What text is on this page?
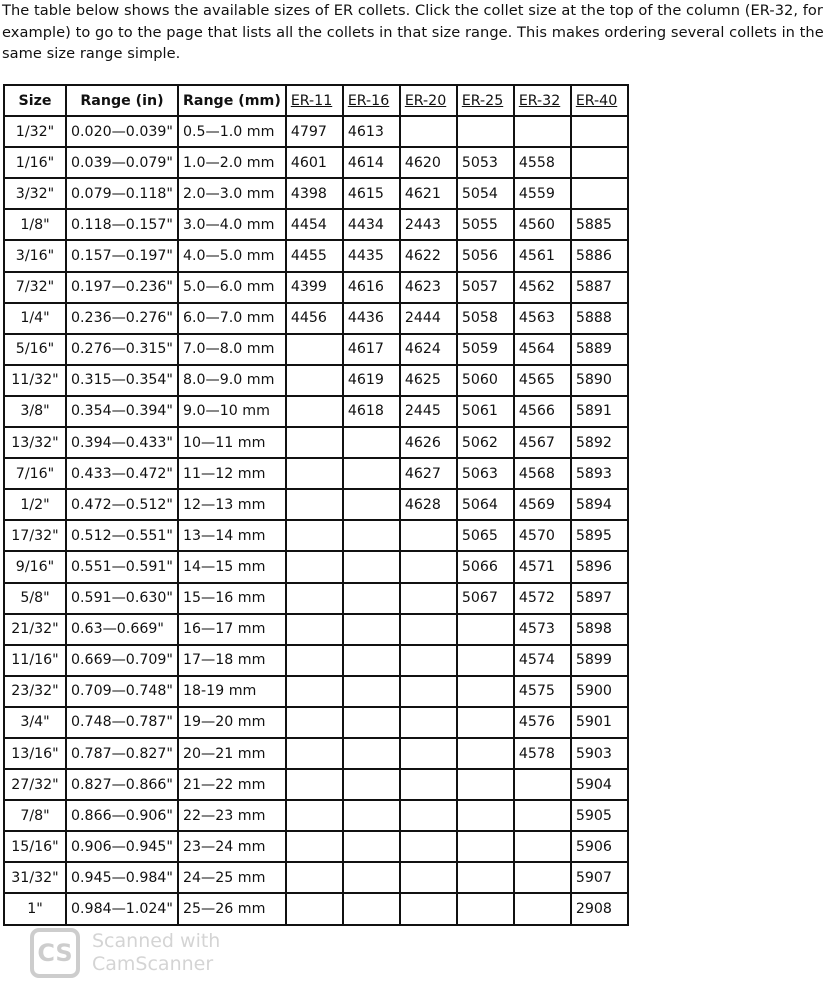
The table below shows the available sizes of ER collets. Click the collet size at the top of the column (ER-32, for example) to go to the page that lists all the collets in that size range. This makes ordering several collets in the same size range simple.

Size	Range (in)	Range (mm)	ER-11	ER-16	ER-20	ER-25	ER-32	ER-40
1/32"	0.020—0.039"	0.5—1.0 mm	4797	4613				
1/16"	0.039—0.079"	1.0—2.0 mm	4601	4614	4620	5053	4558	
3/32"	0.079—0.118"	2.0—3.0 mm	4398	4615	4621	5054	4559	
1/8"	0.118—0.157"	3.0—4.0 mm	4454	4434	2443	5055	4560	5885
3/16"	0.157—0.197"	4.0—5.0 mm	4455	4435	4622	5056	4561	5886
7/32"	0.197—0.236"	5.0—6.0 mm	4399	4616	4623	5057	4562	5887
1/4"	0.236—0.276"	6.0—7.0 mm	4456	4436	2444	5058	4563	5888
5/16"	0.276—0.315"	7.0—8.0 mm		4617	4624	5059	4564	5889
11/32"	0.315—0.354"	8.0—9.0 mm		4619	4625	5060	4565	5890
3/8"	0.354—0.394"	9.0—10 mm		4618	2445	5061	4566	5891
13/32"	0.394—0.433"	10—11 mm			4626	5062	4567	5892
7/16"	0.433—0.472"	11—12 mm			4627	5063	4568	5893
1/2"	0.472—0.512"	12—13 mm			4628	5064	4569	5894
17/32"	0.512—0.551"	13—14 mm				5065	4570	5895
9/16"	0.551—0.591"	14—15 mm				5066	4571	5896
5/8"	0.591—0.630"	15—16 mm				5067	4572	5897
21/32"	0.63—0.669"	16—17 mm					4573	5898
11/16"	0.669—0.709"	17—18 mm					4574	5899
23/32"	0.709—0.748"	18-19 mm					4575	5900
3/4"	0.748—0.787"	19—20 mm					4576	5901
13/16"	0.787—0.827"	20—21 mm					4578	5903
27/32"	0.827—0.866"	21—22 mm						5904
7/8"	0.866—0.906"	22—23 mm						5905
15/16"	0.906—0.945"	23—24 mm						5906
31/32"	0.945—0.984"	24—25 mm						5907
1"	0.984—1.024"	25—26 mm						2908
CS	Scanned with
CamScanner
